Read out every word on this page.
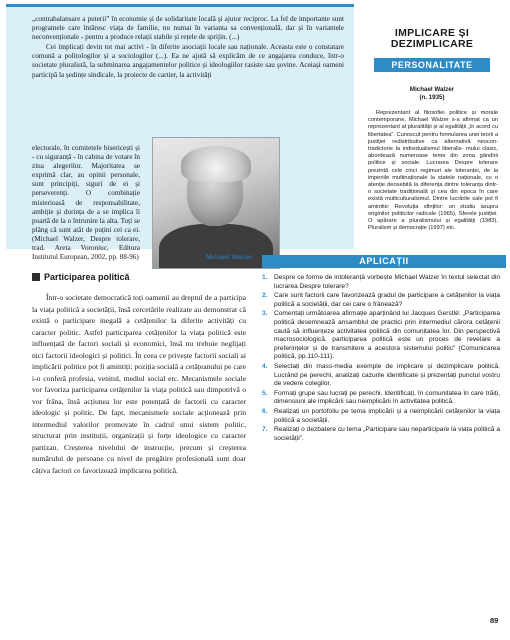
„contrabalansare a puterii” în economie și de solidaritate locală și ajutor reciproc. La fel de importante sunt programele care întăresc viața de familie, nu numai în varianta sa convențională, dar și în variantele neconvenționale - pentru a produce relații stabile și rețele de sprijin. (...)

Cei implicați devin tot mai activi - în diferite asociații locale sau naționale. Aceasta este o constatare comună a politologilor și a sociologilor (...). Ea ne ajută să explicăm de ce angajarea conduce, într-o societate pluralistă, la subminarea angajamentelor politice și ideologiilor rasiste sau şovine. Aceiași oameni participă la ședințe sindicale, la proiecte de cartier, la activități

electorale, în comitetele bisericești și - cu siguranță - în cabina de votare în ziua alegerilor. Majoritatea se exprimă clar, au opinii personale, sunt principiți, siguri de ei și perseverenți. O combinație misterioasă de responsabilitate, ambiție și dorința de a se implica îi poartă de la o întrunire la alta. Toți se plâng că sunt atât de puțini cei ca ei. (Michael Walzer, Despre tolerare, trad. Areta Voroniuc, Editura Institutul European, 2002, pp. 88-96)	Michael Walzer
IMPLICARE ȘI DEZIMPLICARE
PERSONALITATE
Michael Walzer
(n. 1935)

Reprezentant al filosofiei politice și morale contemporane, Michael Walzer s-a afirmat ca un reprezentant al pluralității și al egalității „în acord cu libertatea”. Cunoscut pentru formularea unei teorii a justiției redistributive ca alternativă neocon- tradictorie la individualismul liberalis- mului clasic, abordează numeroase teme din zona gândirii politice și sociale. Lucrarea Despre tolerare prezintă cele cinci regimuri ale toleranței, de la imperiile multinaționale la statele naționale, cu o atenție deosebită la diferența dintre toleranța dintr-o societate tradițională și cea din epoca în care există multiculturalismul. Dintre lucrările sale pot fi amintite: Revoluția sfinților: un studiu asupra originilor politicilor radicale (1965), Sferele justiției. O apărare a pluralismului și egalității (1983), Pluralism și democrație (1997) etc.

Participarea politică

Într-o societate democratică toți oamenii au dreptul de a participa la viața politică a societății, însă cercetările realizate au demonstrat că există o participare inegală a cetățenilor la diferite activități cu caracter politic. Astfel participarea cetățenilor la viața politică este influențată de factori sociali și economici, însă nu trebuie neglijați nici factorii ideologici și politici. În ceea ce privește factorii sociali ai implicării politice pot fi amintiți: poziția socială a cetățeanului pe care i-o conferă profesia, venitul, mediul social etc. Mecanismele sociale vor favoriza participarea cetățenilor la viața politică sau dimpotrivă o vor frâna, însă acțiunea lor este potențată de factorii cu caracter ideologic și politic. De fapt, mecanismele sociale acționează prin intermediul valorilor promovate în cadrul unui sistem politic, structurat prin instituții, organizații și forțe ideologice cu caracter partizan. Creșterea nivelului de instrucție, precum și creșterea numărului de persoane cu nivel de pregătire profesională sunt doar câțiva factori ce favorizează implicarea politică.

APLICAȚII
1. Despre ce forme de intoleranță vorbește Michael Walzer în textul selectat din lucrarea Despre tolerare?
2. Care sunt factorii care favorizează gradul de participare a cetățenilor la viața politică a societății, dar cei care o frânează?
3. Comentați următoarea afirmație aparținând lui Jacques Gerstlé: „Participarea politică desemnează ansamblul de practici prin intermediul cărora cetățenii caută să influențeze activitatea politică din comunitatea lor. Din perspectivă macrosociologică, participarea politică este un proces de revelare a preferințelor și de transmitere a acestora sistemului politic” (Comunicarea politică, pp.110-111).
4. Selectați din mass-media exemple de implicare și dezimplicare politică. Lucrând pe perechi, analizați cazurile identificate și prezentați punctul vostru de vedere colegilor.
5. Formați grupe sau lucrați pe perechi. Identificați, în comunitatea în care trăiți, dimensiuni ale implicării sau neimplicării în activitatea politică.
6. Realizați un portofoliu pe tema implicării și a neimplicării cetățenilor la viața politică a societății.
7. Realizați o dezbatere cu tema „Participare sau neparticipare la viața politică a societății”.
89
